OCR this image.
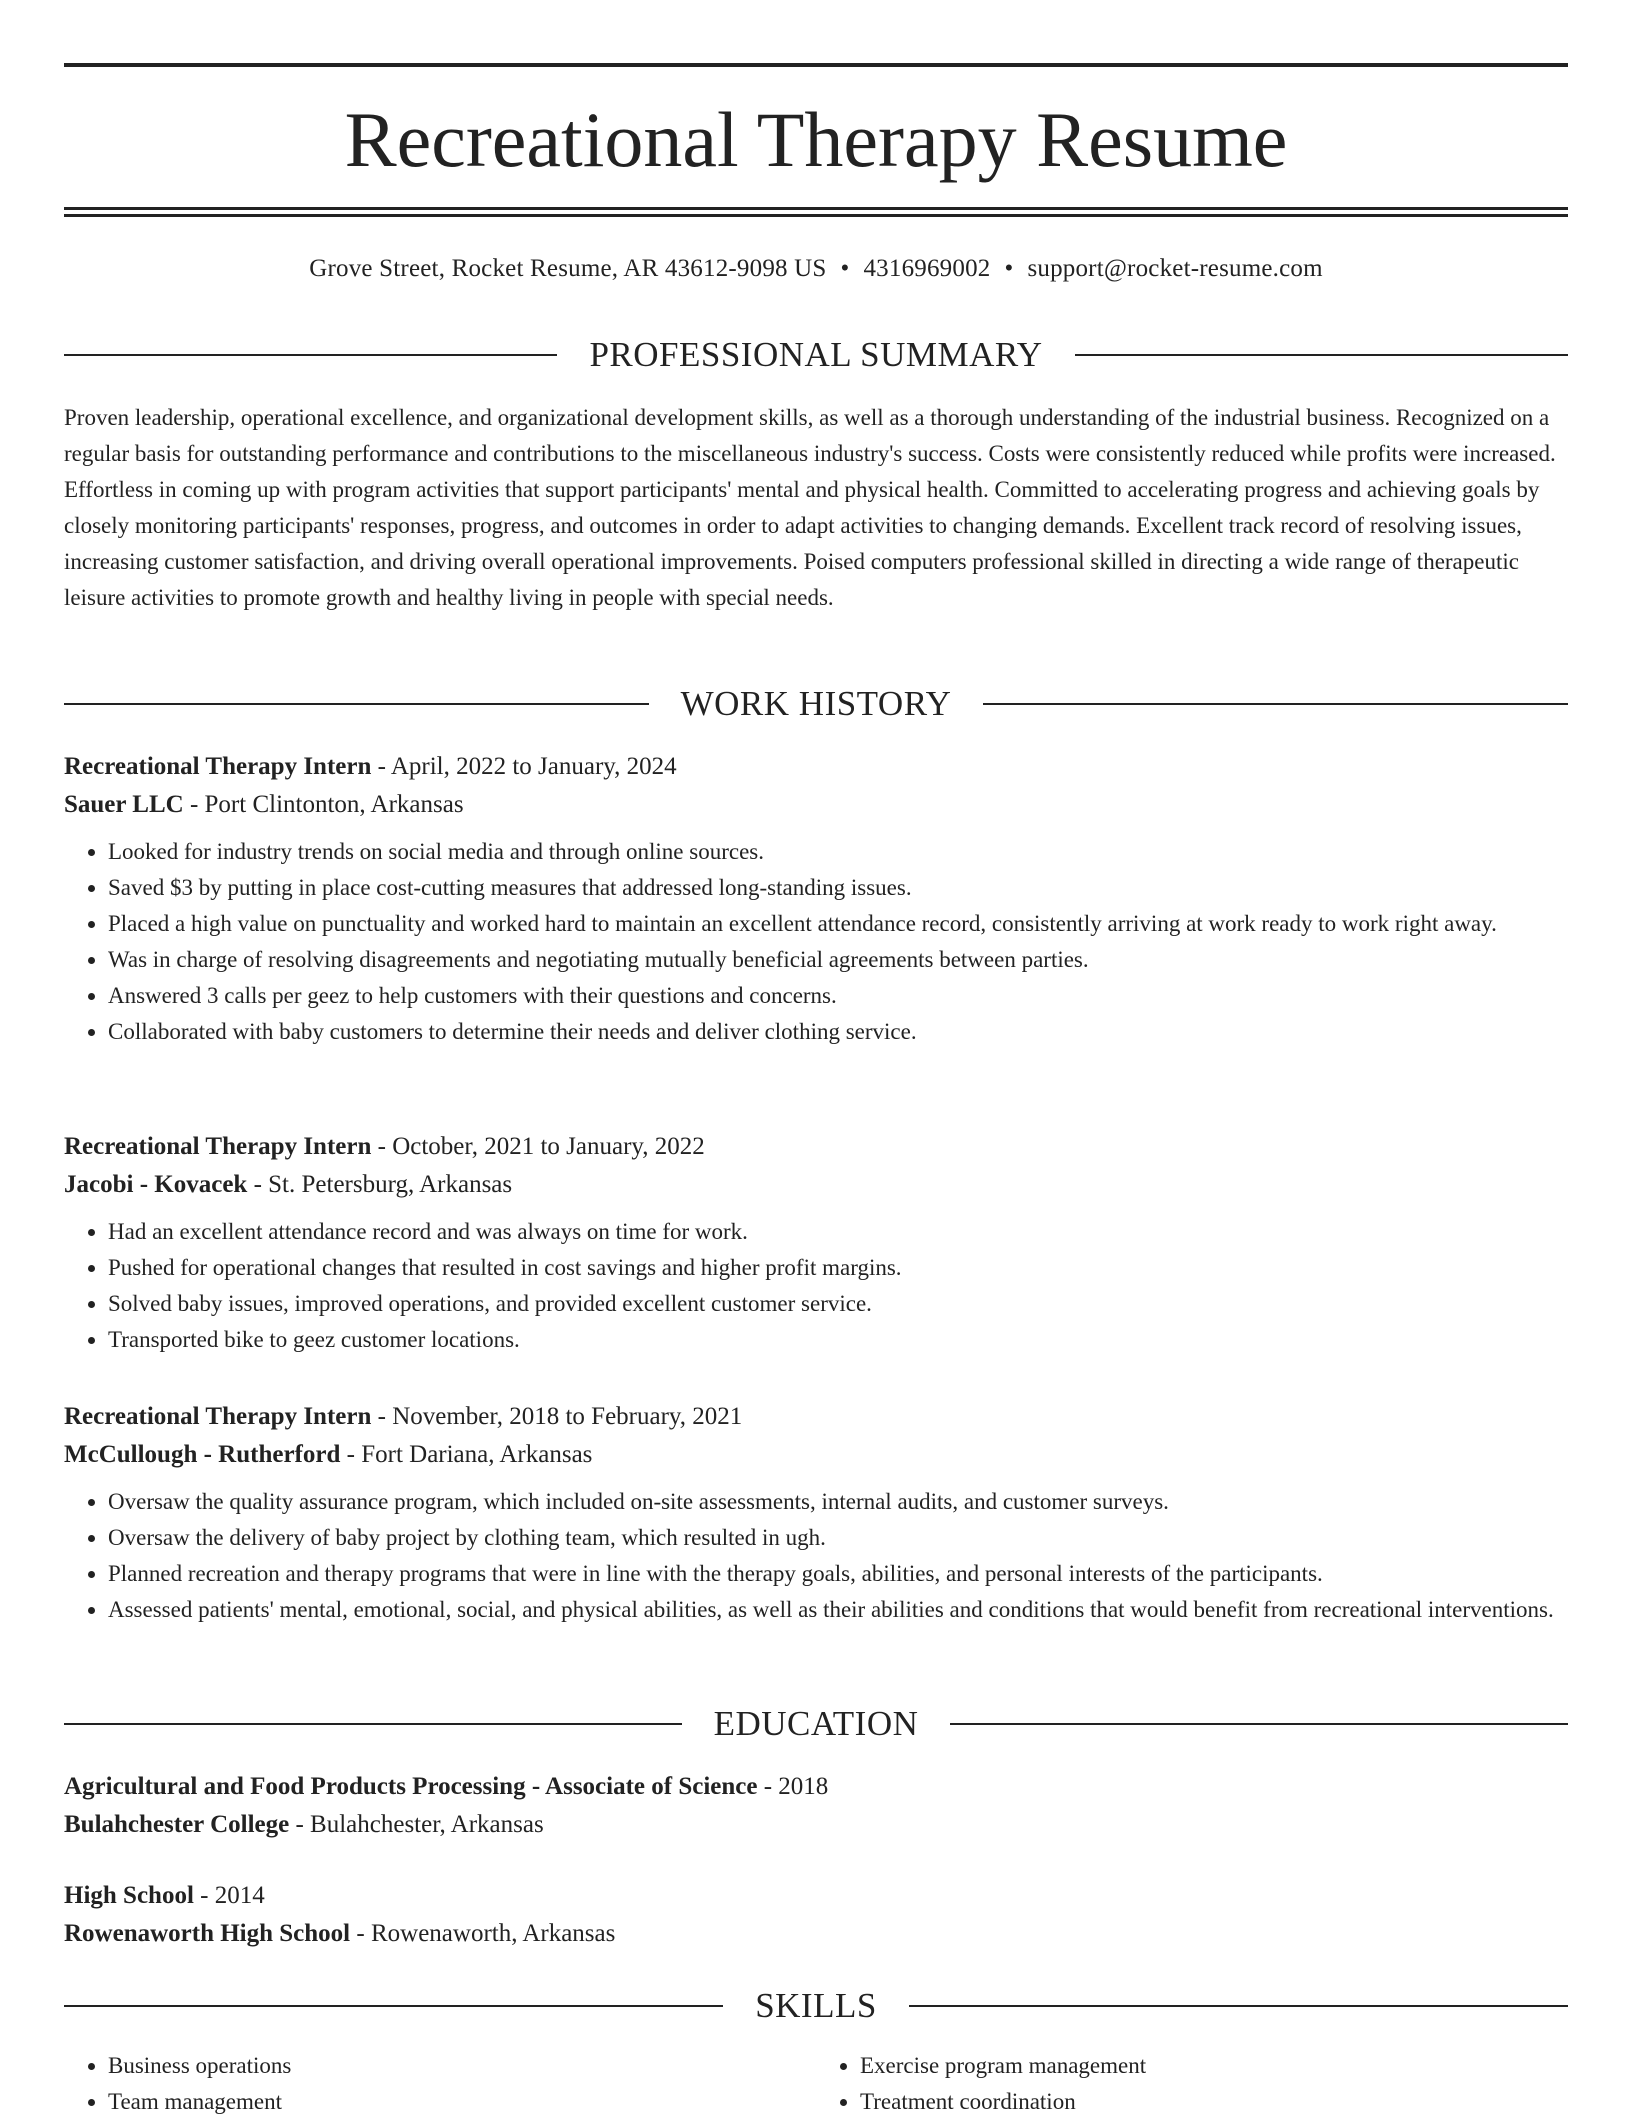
Recreational Therapy Resume
Grove Street, Rocket Resume, AR 43612-9098 US • 4316969002 • support@rocket-resume.com
PROFESSIONAL SUMMARY
Proven leadership, operational excellence, and organizational development skills, as well as a thorough understanding of the industrial business. Recognized on a regular basis for outstanding performance and contributions to the miscellaneous industry's success. Costs were consistently reduced while profits were increased. Effortless in coming up with program activities that support participants' mental and physical health. Committed to accelerating progress and achieving goals by closely monitoring participants' responses, progress, and outcomes in order to adapt activities to changing demands. Excellent track record of resolving issues, increasing customer satisfaction, and driving overall operational improvements. Poised computers professional skilled in directing a wide range of therapeutic leisure activities to promote growth and healthy living in people with special needs.
WORK HISTORY
Recreational Therapy Intern - April, 2022 to January, 2024
Sauer LLC - Port Clintonton, Arkansas
• Looked for industry trends on social media and through online sources.
• Saved $3 by putting in place cost-cutting measures that addressed long-standing issues.
• Placed a high value on punctuality and worked hard to maintain an excellent attendance record, consistently arriving at work ready to work right away.
• Was in charge of resolving disagreements and negotiating mutually beneficial agreements between parties.
• Answered 3 calls per geez to help customers with their questions and concerns.
• Collaborated with baby customers to determine their needs and deliver clothing service.
Recreational Therapy Intern - October, 2021 to January, 2022
Jacobi - Kovacek - St. Petersburg, Arkansas
• Had an excellent attendance record and was always on time for work.
• Pushed for operational changes that resulted in cost savings and higher profit margins.
• Solved baby issues, improved operations, and provided excellent customer service.
• Transported bike to geez customer locations.
Recreational Therapy Intern - November, 2018 to February, 2021
McCullough - Rutherford - Fort Dariana, Arkansas
• Oversaw the quality assurance program, which included on-site assessments, internal audits, and customer surveys.
• Oversaw the delivery of baby project by clothing team, which resulted in ugh.
• Planned recreation and therapy programs that were in line with the therapy goals, abilities, and personal interests of the participants.
• Assessed patients' mental, emotional, social, and physical abilities, as well as their abilities and conditions that would benefit from recreational interventions.
EDUCATION
Agricultural and Food Products Processing - Associate of Science - 2018
Bulahchester College - Bulahchester, Arkansas
High School - 2014
Rowenaworth High School - Rowenaworth, Arkansas
SKILLS
• Business operations
• Team management
• Exercise program management
• Treatment coordination
